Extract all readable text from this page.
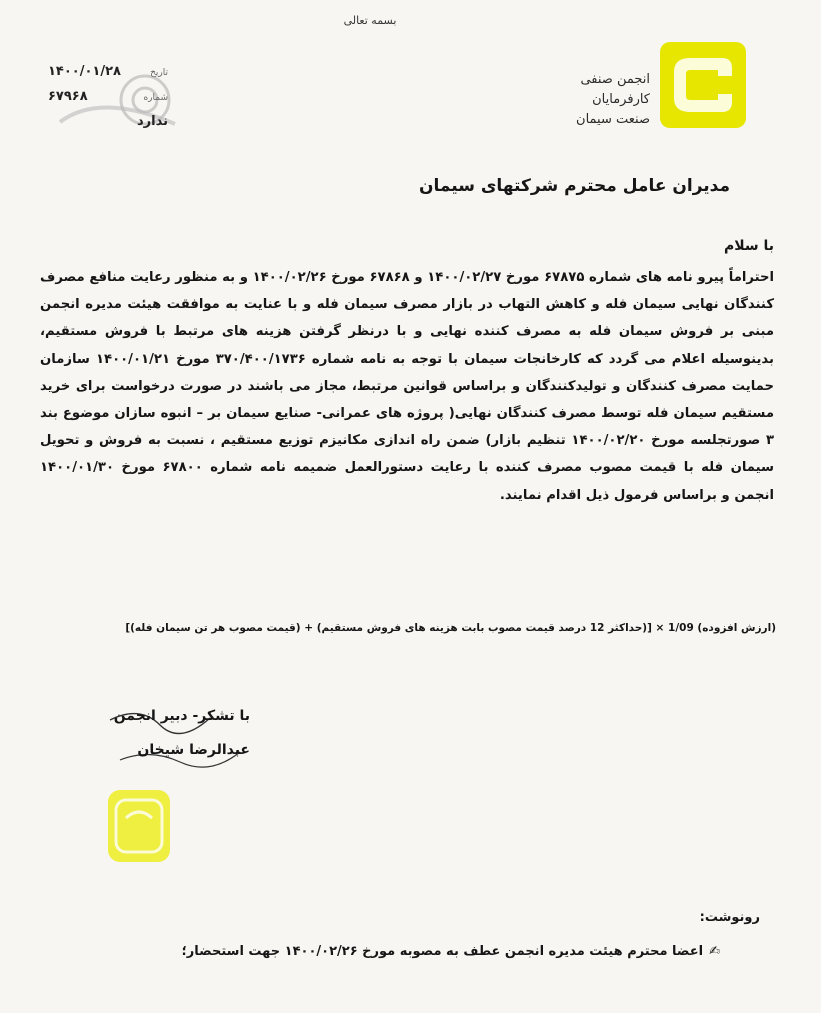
بسمه تعالی
تاریخ
۱۴۰۰/۰۱/۲۸
شماره
۶۷۹۶۸
ندارد
انجمن صنفی
کارفرمایان
صنعت سیمان
مدیران عامل محترم شرکتهای سیمان
با سلام
احتراماً پیرو نامه های شماره ۶۷۸۷۵ مورخ ۱۴۰۰/۰۲/۲۷ و ۶۷۸۶۸ مورخ ۱۴۰۰/۰۲/۲۶ و به منظور رعایت منافع مصرف کنندگان نهایی سیمان فله و کاهش التهاب در بازار مصرف سیمان فله و با عنایت به موافقت هیئت مدیره انجمن مبنی بر فروش سیمان فله به مصرف کننده نهایی و با درنظر گرفتن هزینه های مرتبط با فروش مستقیم، بدینوسیله اعلام می گردد که کارخانجات سیمان با توجه به نامه شماره ۳۷۰/۴۰۰/۱۷۳۶ مورخ ۱۴۰۰/۰۱/۲۱ سازمان حمایت مصرف کنندگان و تولیدکنندگان و براساس قوانین مرتبط، مجاز می باشند در صورت درخواست برای خرید مستقیم سیمان فله توسط مصرف کنندگان نهایی( پروژه های عمرانی- صنایع سیمان بر – انبوه سازان موضوع بند ۳ صورتجلسه مورخ ۱۴۰۰/۰۲/۲۰ تنظیم بازار) ضمن راه اندازی مکانیزم توزیع مستقیم ، نسبت به فروش و تحویل سیمان فله با قیمت مصوب مصرف کننده با رعایت دستورالعمل ضمیمه نامه شماره ۶۷۸۰۰ مورخ ۱۴۰۰/۰۱/۳۰ انجمن و براساس فرمول ذیل اقدام نمایند.
(ارزش افزوده) 1/09 × [(حداکثر 12 درصد قیمت مصوب بابت هزینه های فروش مستقیم) + (قیمت مصوب هر تن سیمان فله)]
با تشکر- دبیر انجمن
عبدالرضا شیخان
رونوشت:
✍اعضا محترم هیئت مدیره انجمن عطف به مصوبه مورخ ۱۴۰۰/۰۲/۲۶ جهت استحضار؛
